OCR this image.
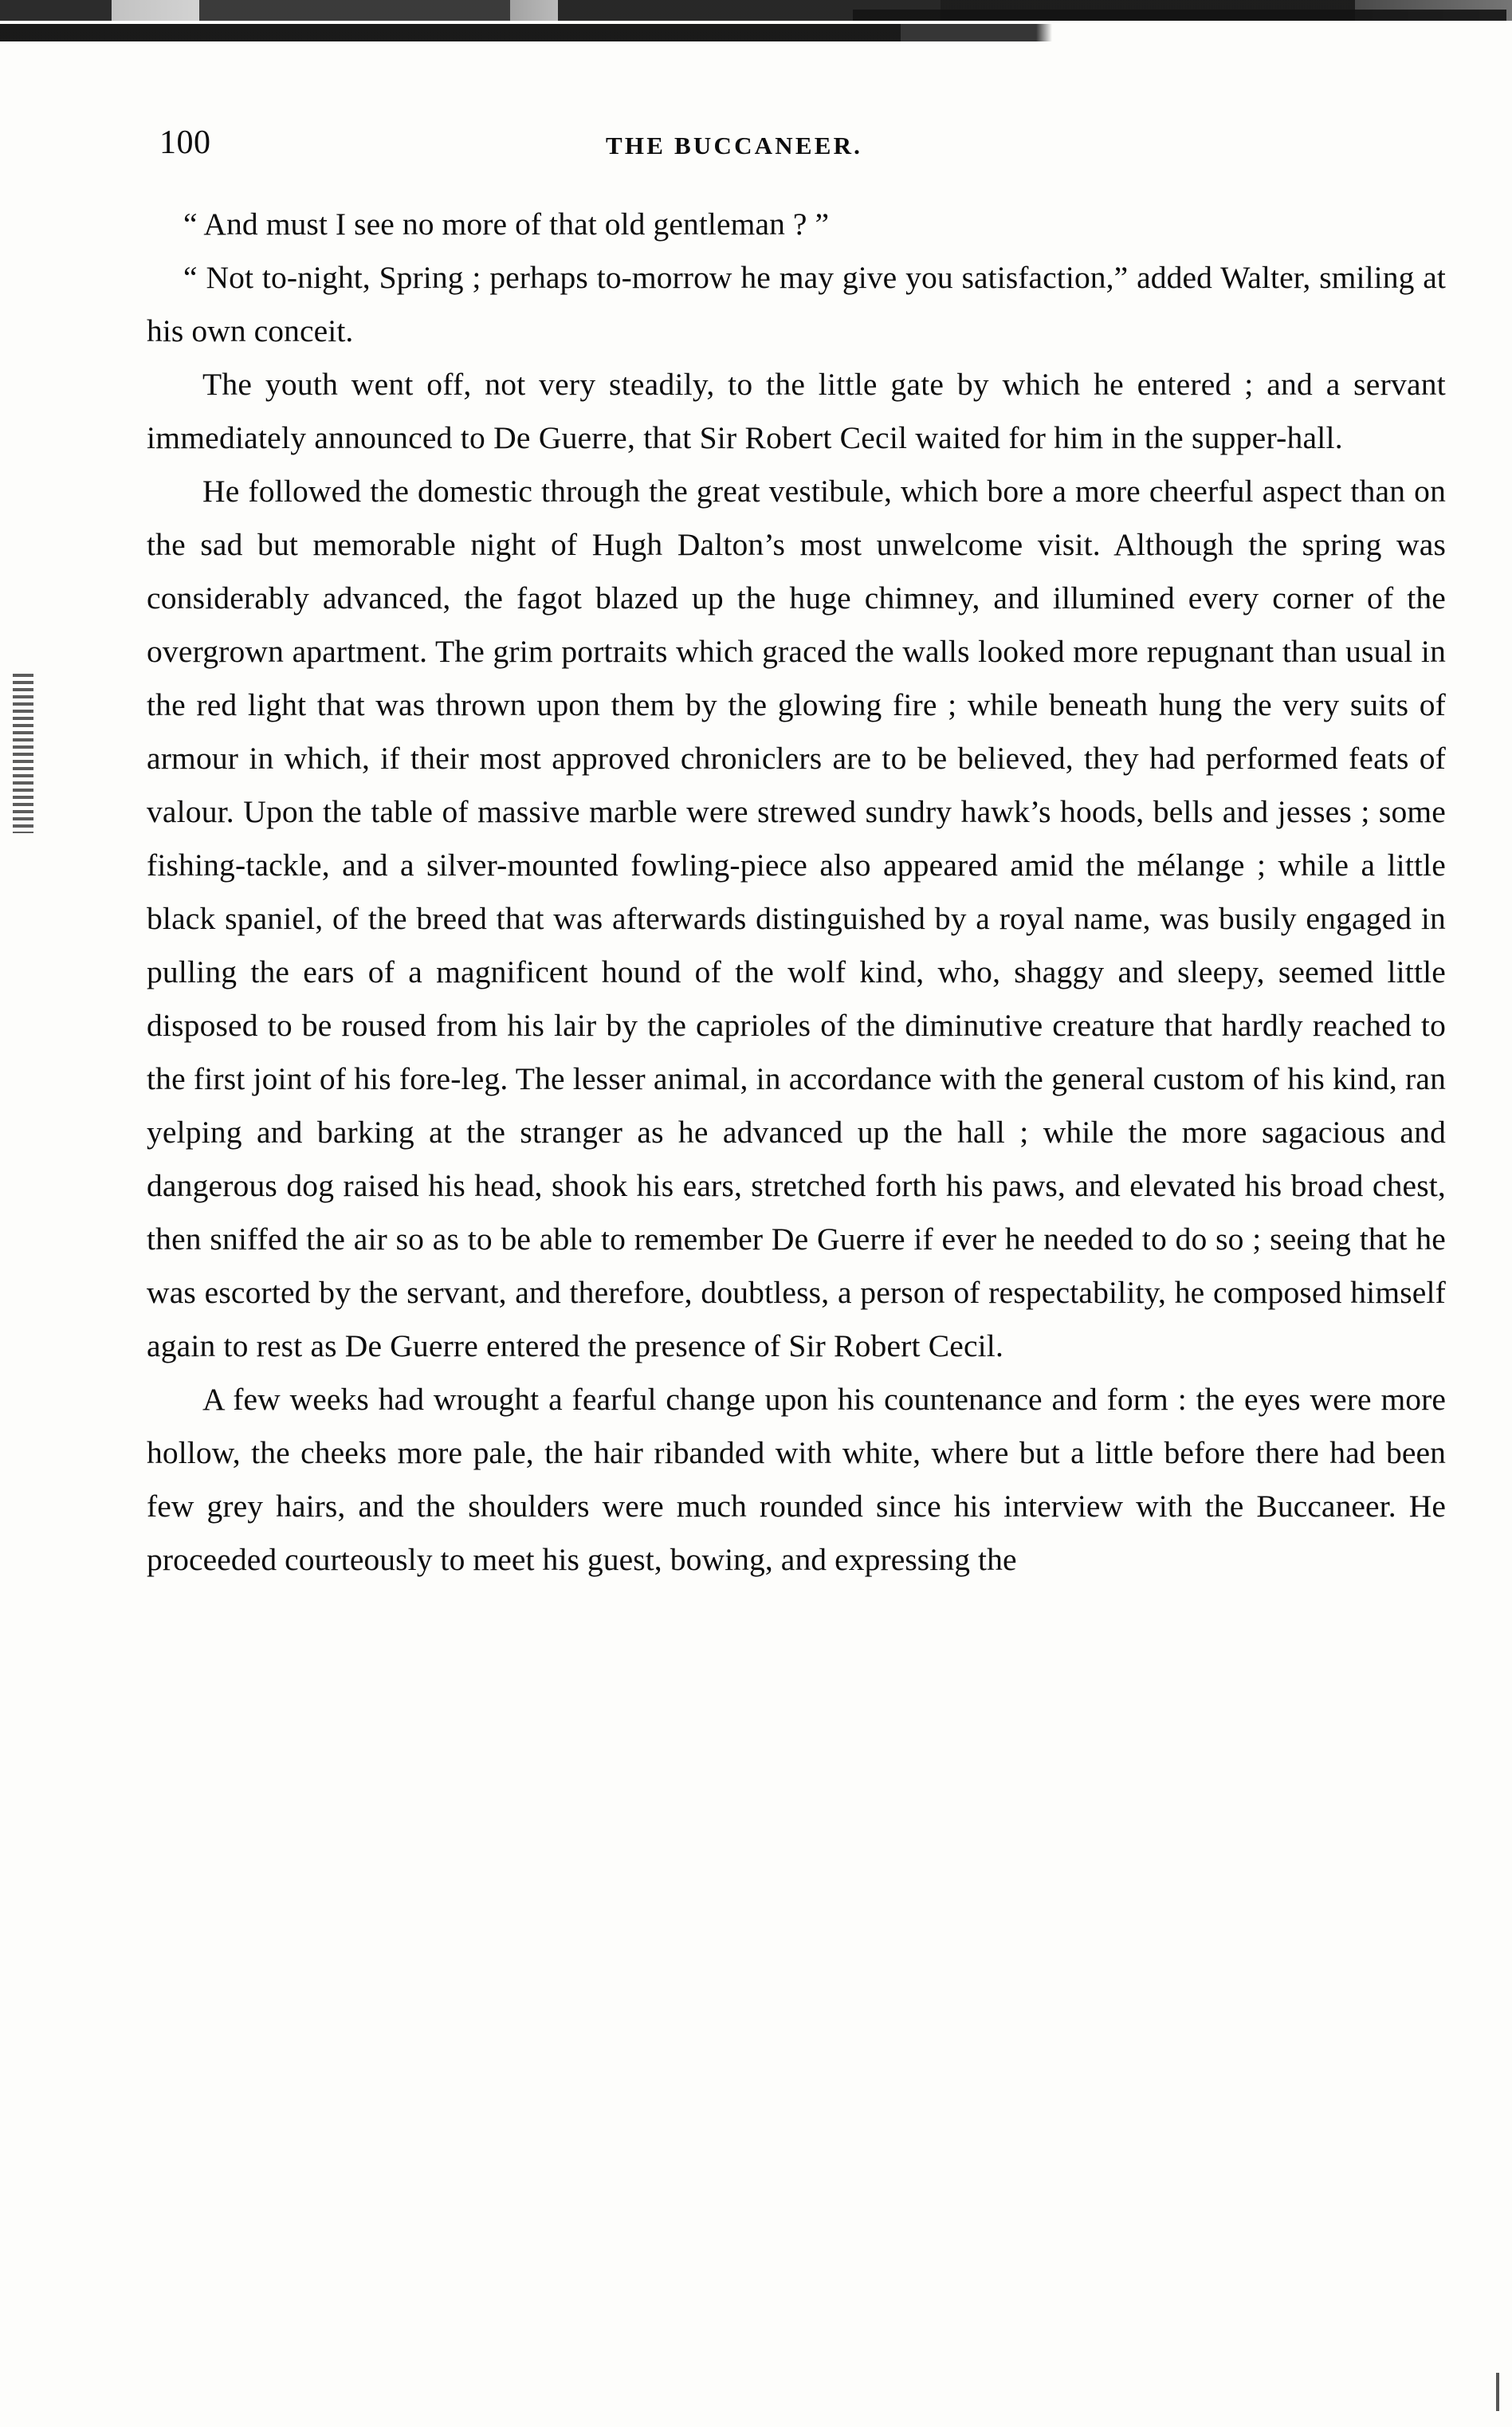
100	THE BUCCANEER.

“ And must I see no more of that old gentleman ? ”

“ Not to-night, Spring ; perhaps to-morrow he may give you satisfaction,” added Walter, smiling at his own conceit.

The youth went off, not very steadily, to the little gate by which he entered ; and a servant immediately announced to De Guerre, that Sir Robert Cecil waited for him in the supper-hall.

He followed the domestic through the great vestibule, which bore a more cheerful aspect than on the sad but memorable night of Hugh Dalton’s most unwelcome visit. Although the spring was considerably advanced, the fagot blazed up the huge chimney, and illumined every corner of the overgrown apartment. The grim portraits which graced the walls looked more repugnant than usual in the red light that was thrown upon them by the glowing fire ; while beneath hung the very suits of armour in which, if their most approved chroniclers are to be believed, they had performed feats of valour. Upon the table of massive marble were strewed sundry hawk’s hoods, bells and jesses ; some fishing-tackle, and a silver-mounted fowling-piece also appeared amid the mélange ; while a little black spaniel, of the breed that was afterwards distinguished by a royal name, was busily engaged in pulling the ears of a magnificent hound of the wolf kind, who, shaggy and sleepy, seemed little disposed to be roused from his lair by the caprioles of the diminutive creature that hardly reached to the first joint of his fore-leg. The lesser animal, in accordance with the general custom of his kind, ran yelping and barking at the stranger as he advanced up the hall ; while the more sagacious and dangerous dog raised his head, shook his ears, stretched forth his paws, and elevated his broad chest, then sniffed the air so as to be able to remember De Guerre if ever he needed to do so ; seeing that he was escorted by the servant, and therefore, doubtless, a person of respectability, he composed himself again to rest as De Guerre entered the presence of Sir Robert Cecil.

A few weeks had wrought a fearful change upon his countenance and form : the eyes were more hollow, the cheeks more pale, the hair ribanded with white, where but a little before there had been few grey hairs, and the shoulders were much rounded since his interview with the Buccaneer. He proceeded courteously to meet his guest, bowing, and expressing the
